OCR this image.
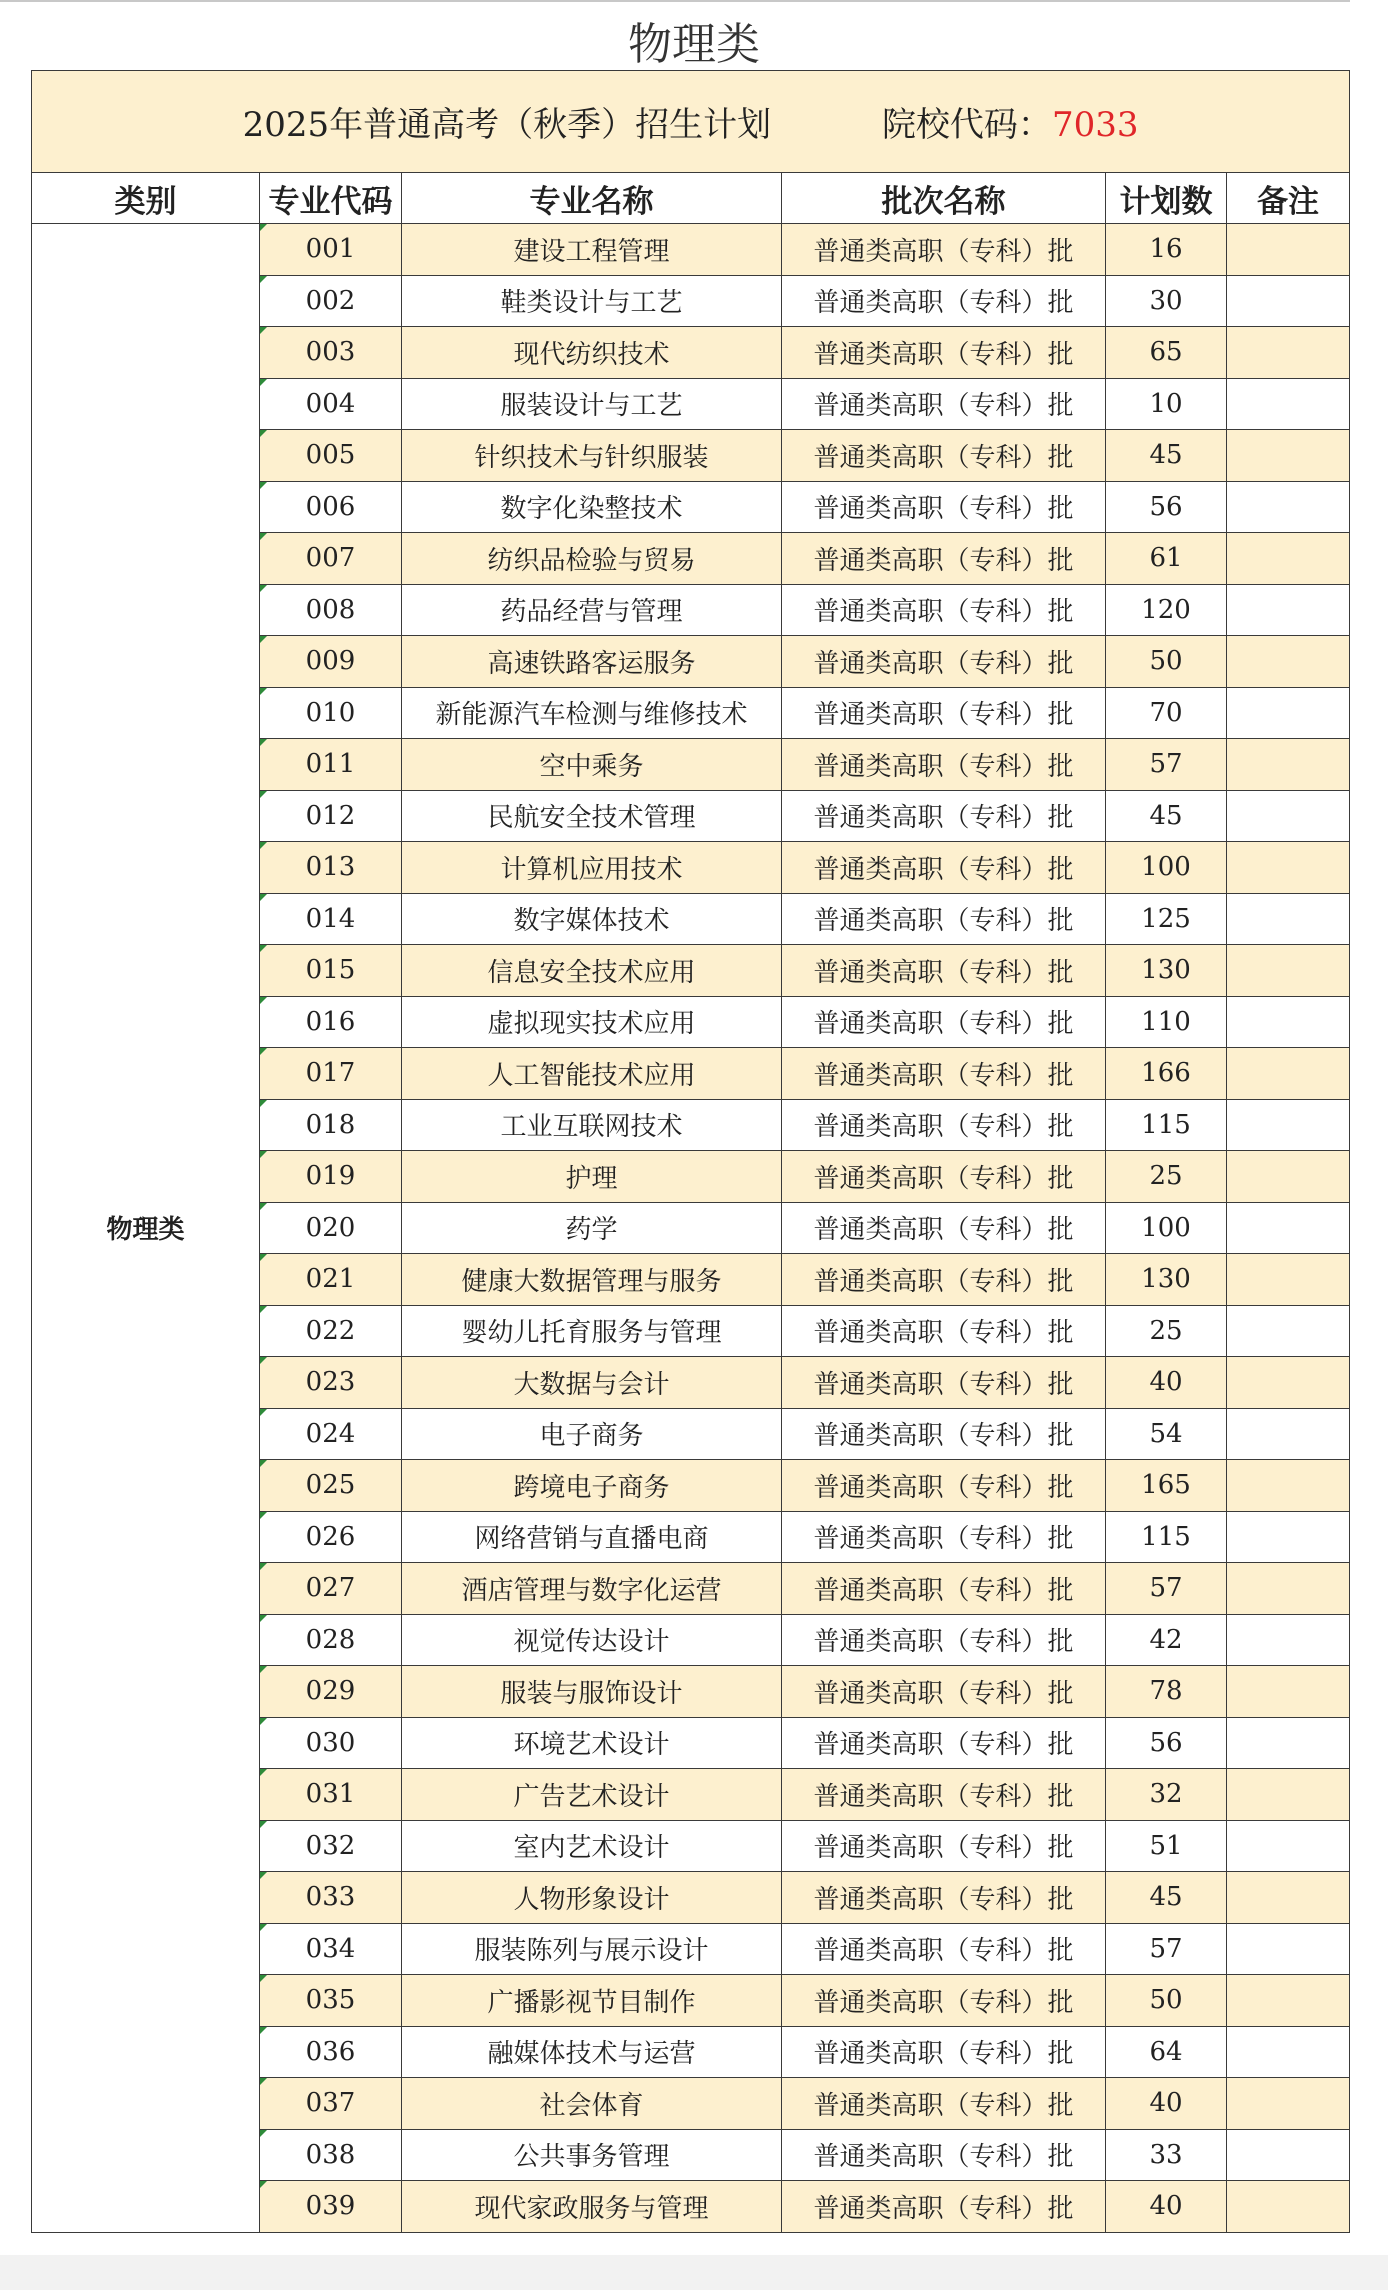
物理类
2025年普通高考（秋季）招生计划 院校代码：7033					
类别	专业代码	专业名称	批次名称	计划数	备注
物理类	001	建设工程管理	普通类高职（专科）批	16	
	002	鞋类设计与工艺	普通类高职（专科）批	30	
	003	现代纺织技术	普通类高职（专科）批	65	
	004	服装设计与工艺	普通类高职（专科）批	10	
	005	针织技术与针织服装	普通类高职（专科）批	45	
	006	数字化染整技术	普通类高职（专科）批	56	
	007	纺织品检验与贸易	普通类高职（专科）批	61	
	008	药品经营与管理	普通类高职（专科）批	120	
	009	高速铁路客运服务	普通类高职（专科）批	50	
	010	新能源汽车检测与维修技术	普通类高职（专科）批	70	
	011	空中乘务	普通类高职（专科）批	57	
	012	民航安全技术管理	普通类高职（专科）批	45	
	013	计算机应用技术	普通类高职（专科）批	100	
	014	数字媒体技术	普通类高职（专科）批	125	
	015	信息安全技术应用	普通类高职（专科）批	130	
	016	虚拟现实技术应用	普通类高职（专科）批	110	
	017	人工智能技术应用	普通类高职（专科）批	166	
	018	工业互联网技术	普通类高职（专科）批	115	
	019	护理	普通类高职（专科）批	25	
	020	药学	普通类高职（专科）批	100	
	021	健康大数据管理与服务	普通类高职（专科）批	130	
	022	婴幼儿托育服务与管理	普通类高职（专科）批	25	
	023	大数据与会计	普通类高职（专科）批	40	
	024	电子商务	普通类高职（专科）批	54	
	025	跨境电子商务	普通类高职（专科）批	165	
	026	网络营销与直播电商	普通类高职（专科）批	115	
	027	酒店管理与数字化运营	普通类高职（专科）批	57	
	028	视觉传达设计	普通类高职（专科）批	42	
	029	服装与服饰设计	普通类高职（专科）批	78	
	030	环境艺术设计	普通类高职（专科）批	56	
	031	广告艺术设计	普通类高职（专科）批	32	
	032	室内艺术设计	普通类高职（专科）批	51	
	033	人物形象设计	普通类高职（专科）批	45	
	034	服装陈列与展示设计	普通类高职（专科）批	57	
	035	广播影视节目制作	普通类高职（专科）批	50	
	036	融媒体技术与运营	普通类高职（专科）批	64	
	037	社会体育	普通类高职（专科）批	40	
	038	公共事务管理	普通类高职（专科）批	33	
	039	现代家政服务与管理	普通类高职（专科）批	40	
